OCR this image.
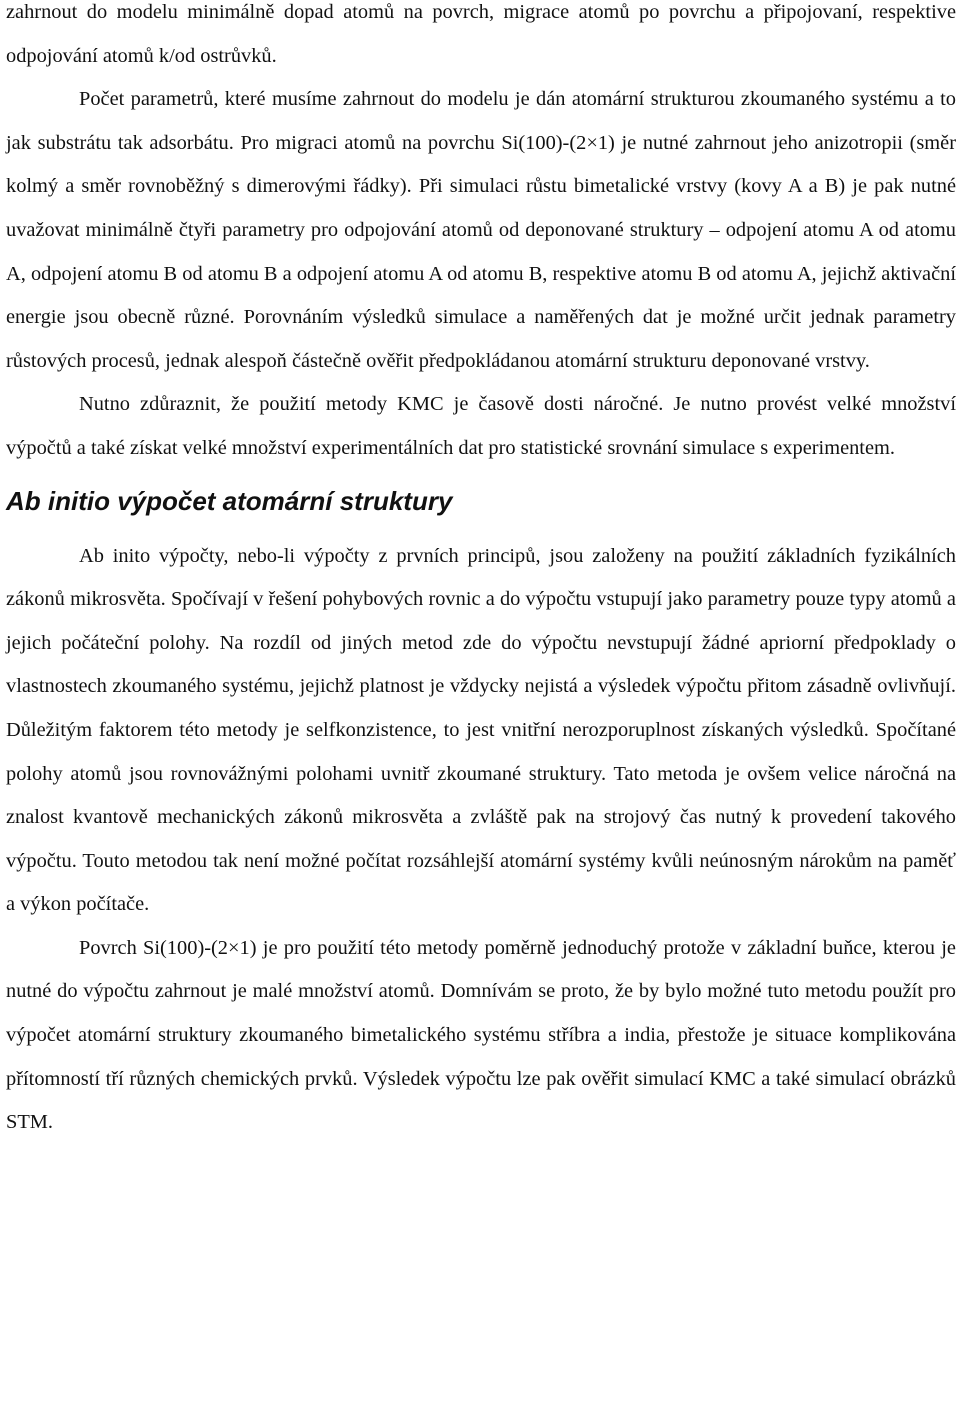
zahrnout do modelu minimálně dopad atomů na povrch, migrace atomů po povrchu a připojovaní, respektive odpojování atomů k/od ostrůvků.

Počet parametrů, které musíme zahrnout do modelu je dán atomární strukturou zkoumaného systému a to jak substrátu tak adsorbátu. Pro migraci atomů na povrchu Si(100)-(2×1) je nutné zahrnout jeho anizotropii (směr kolmý a směr rovnoběžný s dimerovými řádky). Při simulaci růstu bimetalické vrstvy (kovy A a B) je pak nutné uvažovat minimálně čtyři parametry pro odpojování atomů od deponované struktury – odpojení atomu A od atomu A, odpojení atomu B od atomu B a odpojení atomu A od atomu B, respektive atomu B od atomu A, jejichž aktivační energie jsou obecně různé. Porovnáním výsledků simulace a naměřených dat je možné určit jednak parametry růstových procesů, jednak alespoň částečně ověřit předpokládanou atomární strukturu deponované vrstvy.

Nutno zdůraznit, že použití metody KMC je časově dosti náročné. Je nutno provést velké množství výpočtů a také získat velké množství experimentálních dat pro statistické srovnání simulace s experimentem.

Ab initio výpočet atomární struktury

Ab inito výpočty, nebo-li výpočty z prvních principů, jsou založeny na použití základních fyzikálních zákonů mikrosvěta. Spočívají v řešení pohybových rovnic a do výpočtu vstupují jako parametry pouze typy atomů a jejich počáteční polohy. Na rozdíl od jiných metod zde do výpočtu nevstupují žádné apriorní předpoklady o vlastnostech zkoumaného systému, jejichž platnost je vždycky nejistá a výsledek výpočtu přitom zásadně ovlivňují. Důležitým faktorem této metody je selfkonzistence, to jest vnitřní nerozporuplnost získaných výsledků. Spočítané polohy atomů jsou rovnovážnými polohami uvnitř zkoumané struktury. Tato metoda je ovšem velice náročná na znalost kvantově mechanických zákonů mikrosvěta a zvláště pak na strojový čas nutný k provedení takového výpočtu. Touto metodou tak není možné počítat rozsáhlejší atomární systémy kvůli neúnosným nárokům na paměť a výkon počítače.

Povrch Si(100)-(2×1) je pro použití této metody poměrně jednoduchý protože v základní buňce, kterou je nutné do výpočtu zahrnout je malé množství atomů. Domnívám se proto, že by bylo možné tuto metodu použít pro výpočet atomární struktury zkoumaného bimetalického systému stříbra a india, přestože je situace komplikována přítomností tří různých chemických prvků. Výsledek výpočtu lze pak ověřit simulací KMC a také simulací obrázků STM.
